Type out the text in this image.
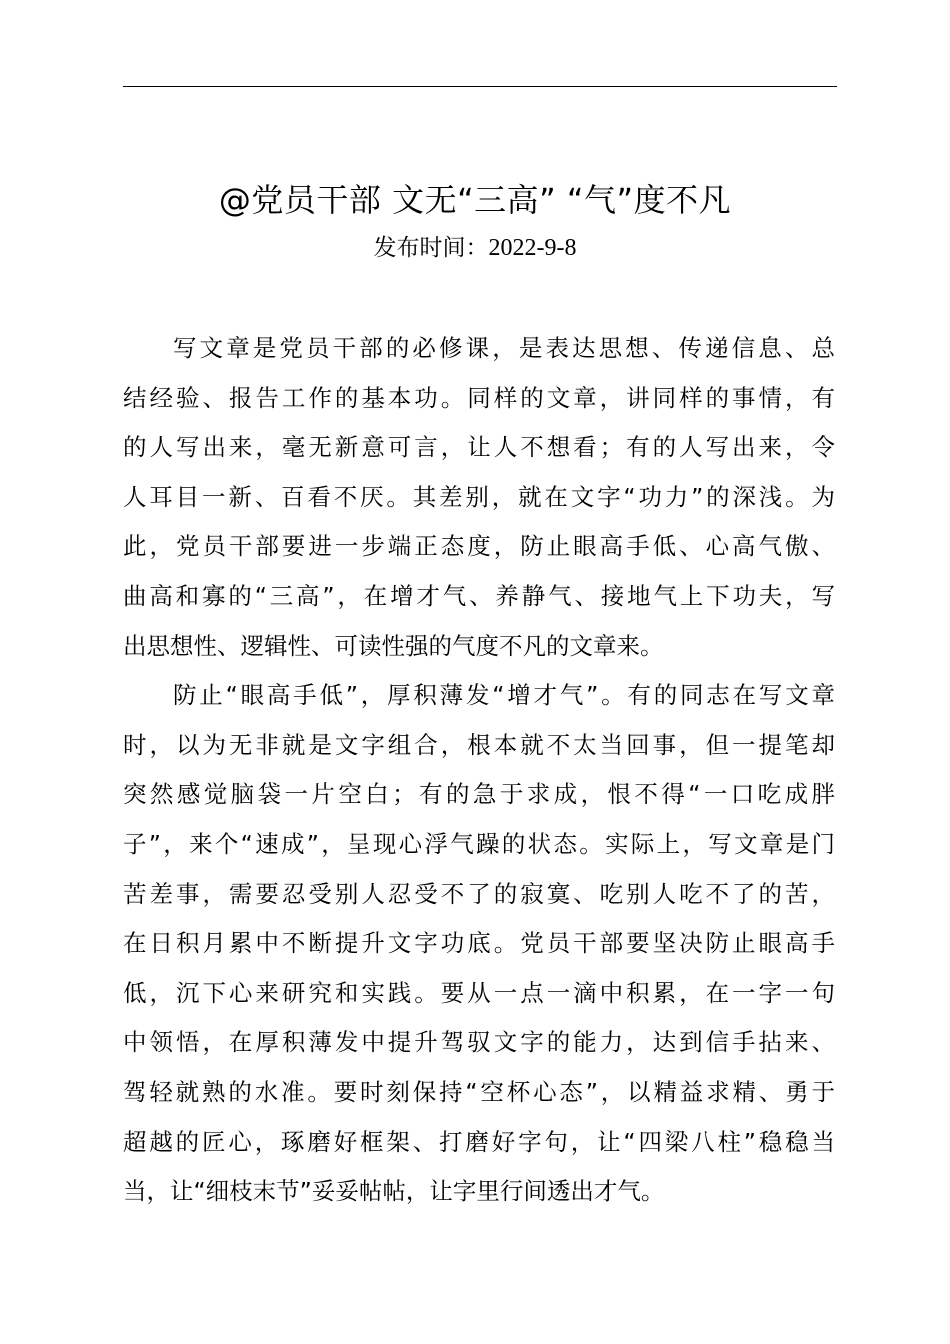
@党员干部 文无“三高” “气”度不凡
发布时间：2022-9-8
写文章是党员干部的必修课，是表达思想、传递信息、总
结经验、报告工作的基本功。同样的文章，讲同样的事情，有
的人写出来，毫无新意可言，让人不想看；有的人写出来，令
人耳目一新、百看不厌。其差别，就在文字“功力”的深浅。为
此，党员干部要进一步端正态度，防止眼高手低、心高气傲、
曲高和寡的“三高”，在增才气、养静气、接地气上下功夫，写
出思想性、逻辑性、可读性强的气度不凡的文章来。
防止“眼高手低”，厚积薄发“增才气”。有的同志在写文章
时，以为无非就是文字组合，根本就不太当回事，但一提笔却
突然感觉脑袋一片空白；有的急于求成，恨不得“一口吃成胖
子”，来个“速成”，呈现心浮气躁的状态。实际上，写文章是门
苦差事，需要忍受别人忍受不了的寂寞、吃别人吃不了的苦，
在日积月累中不断提升文字功底。党员干部要坚决防止眼高手
低，沉下心来研究和实践。要从一点一滴中积累，在一字一句
中领悟，在厚积薄发中提升驾驭文字的能力，达到信手拈来、
驾轻就熟的水准。要时刻保持“空杯心态”，以精益求精、勇于
超越的匠心，琢磨好框架、打磨好字句，让“四梁八柱”稳稳当
当，让“细枝末节”妥妥帖帖，让字里行间透出才气。
